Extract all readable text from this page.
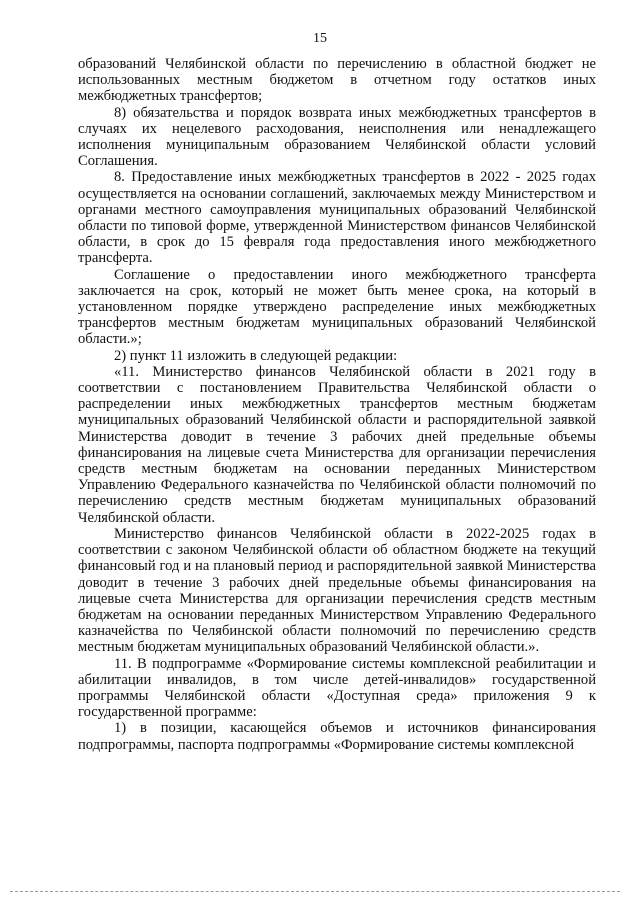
15

образований Челябинской области по перечислению в областной бюджет не использованных местным бюджетом в отчетном году остатков иных межбюджетных трансфертов;

8) обязательства и порядок возврата иных межбюджетных трансфертов в случаях их нецелевого расходования, неисполнения или ненадлежащего исполнения муниципальным образованием Челябинской области условий Соглашения.

8. Предоставление иных межбюджетных трансфертов в 2022 - 2025 годах осуществляется на основании соглашений, заключаемых между Министерством и органами местного самоуправления муниципальных образований Челябинской области по типовой форме, утвержденной Министерством финансов Челябинской области, в срок до 15 февраля года предоставления иного межбюджетного трансферта.

Соглашение о предоставлении иного межбюджетного трансферта заключается на срок, который не может быть менее срока, на который в установленном порядке утверждено распределение иных межбюджетных трансфертов местным бюджетам муниципальных образований Челябинской области.»;

2) пункт 11 изложить в следующей редакции:

«11. Министерство финансов Челябинской области в 2021 году в соответствии с постановлением Правительства Челябинской области о распределении иных межбюджетных трансфертов местным бюджетам муниципальных образований Челябинской области и распорядительной заявкой Министерства доводит в течение 3 рабочих дней предельные объемы финансирования на лицевые счета Министерства для организации перечисления средств местным бюджетам на основании переданных Министерством Управлению Федерального казначейства по Челябинской области полномочий по перечислению средств местным бюджетам муниципальных образований Челябинской области.

Министерство финансов Челябинской области в 2022-2025 годах в соответствии с законом Челябинской области об областном бюджете на текущий финансовый год и на плановый период и распорядительной заявкой Министерства доводит в течение 3 рабочих дней предельные объемы финансирования на лицевые счета Министерства для организации перечисления средств местным бюджетам на основании переданных Министерством Управлению Федерального казначейства по Челябинской области полномочий по перечислению средств местным бюджетам муниципальных образований Челябинской области.».

11. В подпрограмме «Формирование системы комплексной реабилитации и абилитации инвалидов, в том числе детей-инвалидов» государственной программы Челябинской области «Доступная среда» приложения 9 к государственной программе:

1) в позиции, касающейся объемов и источников финансирования подпрограммы, паспорта подпрограммы «Формирование системы комплексной
